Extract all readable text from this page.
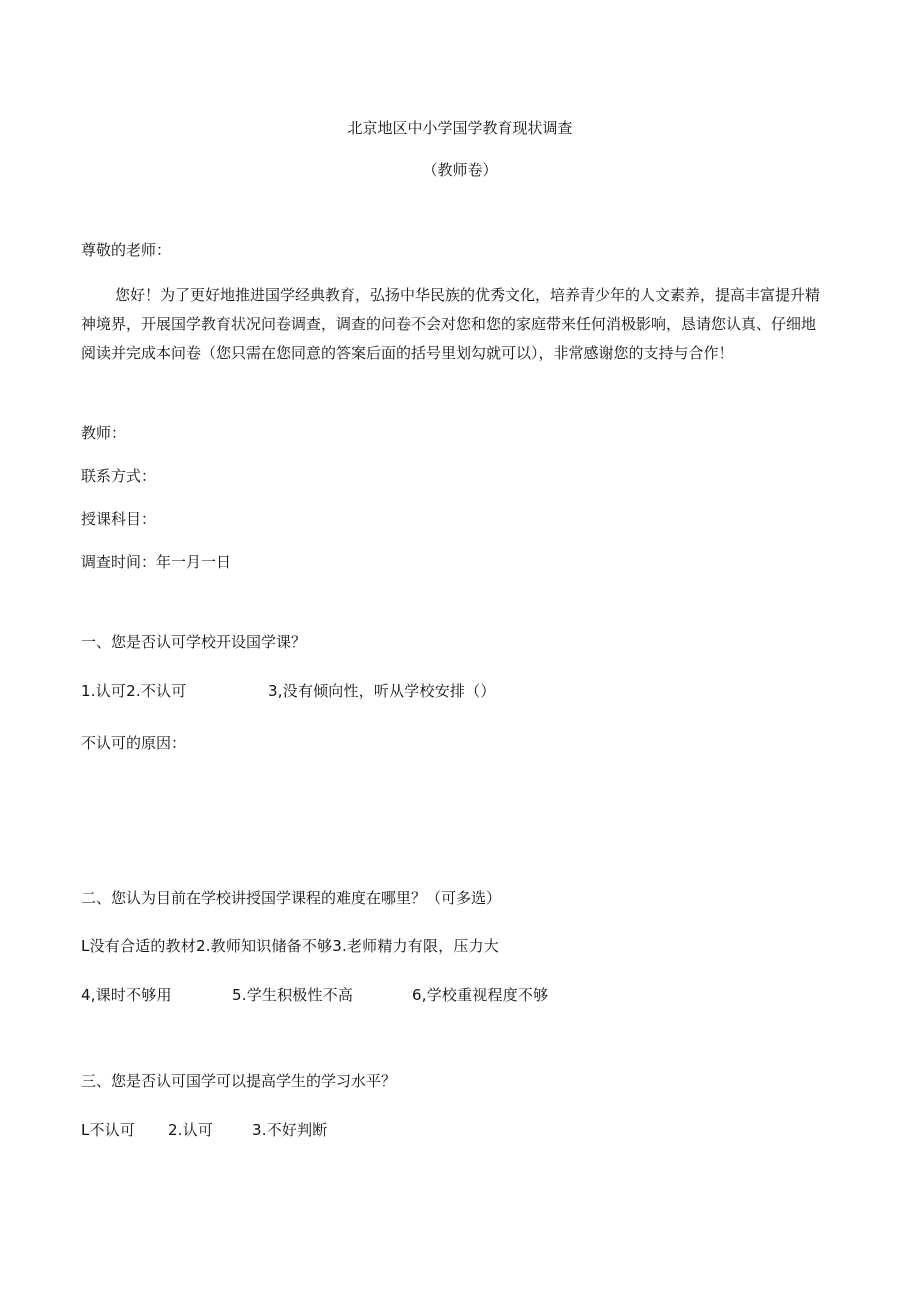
北京地区中小学国学教育现状调查
（教师卷）
尊敬的老师：
您好！为了更好地推进国学经典教育，弘扬中华民族的优秀文化，培养青少年的人文素养，提高丰富提升精神境界，开展国学教育状况问卷调查，调查的问卷不会对您和您的家庭带来任何消极影响，恳请您认真、仔细地阅读并完成本问卷（您只需在您同意的答案后面的括号里划勾就可以），非常感谢您的支持与合作！
教师：
联系方式：
授课科目：
调查时间：年一月一日
一、您是否认可学校开设国学课？
1.认可2.不认可	3,没有倾向性，听从学校安排（）
不认可的原因：
二、您认为目前在学校讲授国学课程的难度在哪里？（可多选）
L没有合适的教材2.教师知识储备不够3.老师精力有限，压力大
4,课时不够用	5.学生积极性不高	6,学校重视程度不够
三、您是否认可国学可以提高学生的学习水平？
L不认可 2.认可	3.不好判断
